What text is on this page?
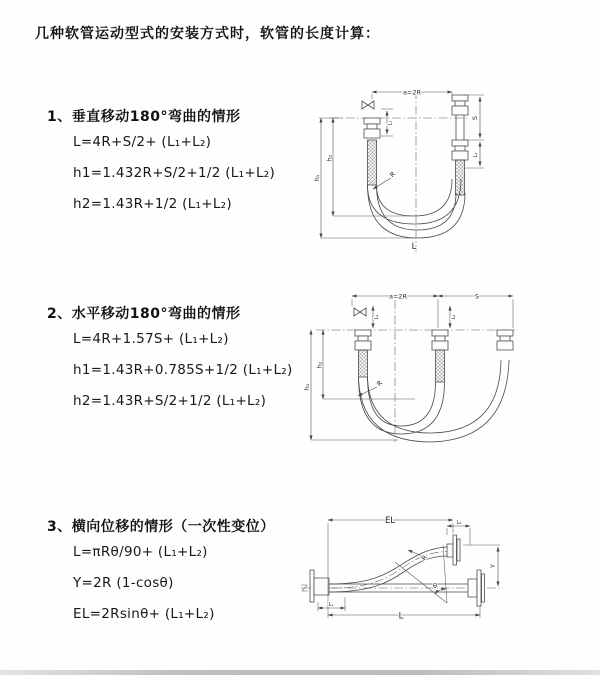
几种软管运动型式的安装方式时，软管的长度计算：
1、垂直移动180°弯曲的情形
L=4R+S/2+ (L₁+L₂)
h1=1.432R+S/2+1/2 (L₁+L₂)
h2=1.43R+1/2 (L₁+L₂)
2、水平移动180°弯曲的情形
L=4R+1.57S+ (L₁+L₂)
h1=1.43R+0.785S+1/2 (L₁+L₂)
h2=1.43R+S/2+1/2 (L₁+L₂)
3、横向位移的情形（一次性变位）
L=πRθ/90+ (L₁+L₂)
Y=2R (1-cosθ)
EL=2Rsinθ+ (L₁+L₂)
a=2R
h₁
h₂
R
L
S
L₂
L₁
a=2R	S
h₁
h₂
R
L₁	L₂
θ
EL	L₂
Y
R
L
L₁
